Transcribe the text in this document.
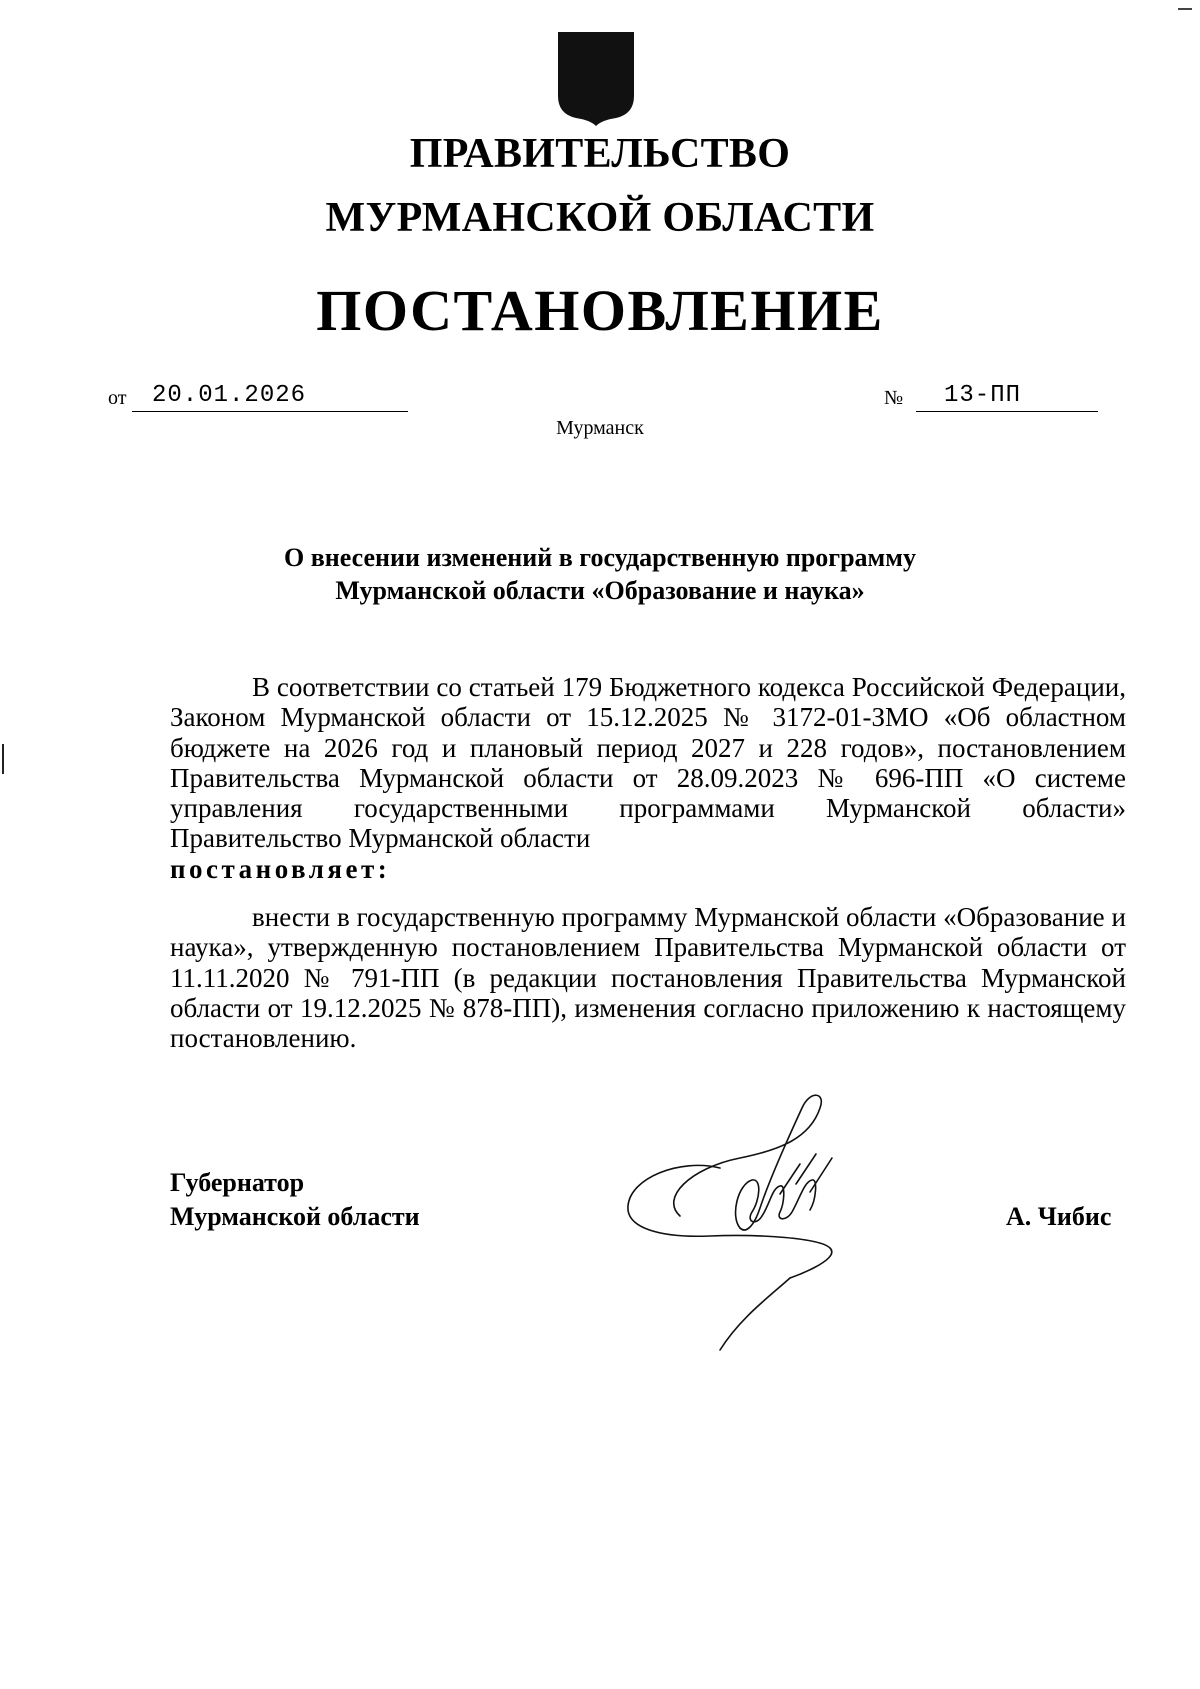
ПРАВИТЕЛЬСТВО
МУРМАНСКОЙ ОБЛАСТИ
ПОСТАНОВЛЕНИЕ
от	20.01.2026	№	13-ПП
Мурманск
О внесении изменений в государственную программу
Мурманской области «Образование и наука»
В соответствии со статьей 179 Бюджетного кодекса Российской Федерации, Законом Мурманской области от 15.12.2025 № 3172-01-ЗМО «Об областном бюджете на 2026 год и плановый период 2027 и 228 годов», постановлением Правительства Мурманской области от 28.09.2023 № 696-ПП «О системе управления государственными программами Мурманской области» Правительство Мурманской области
постановляет:
внести в государственную программу Мурманской области «Образование и наука», утвержденную постановлением Правительства Мурманской области от 11.11.2020 № 791-ПП (в редакции постановления Правительства Мурманской области от 19.12.2025 № 878-ПП), изменения согласно приложению к настоящему постановлению.
Губернатор
Мурманской области	А. Чибис
